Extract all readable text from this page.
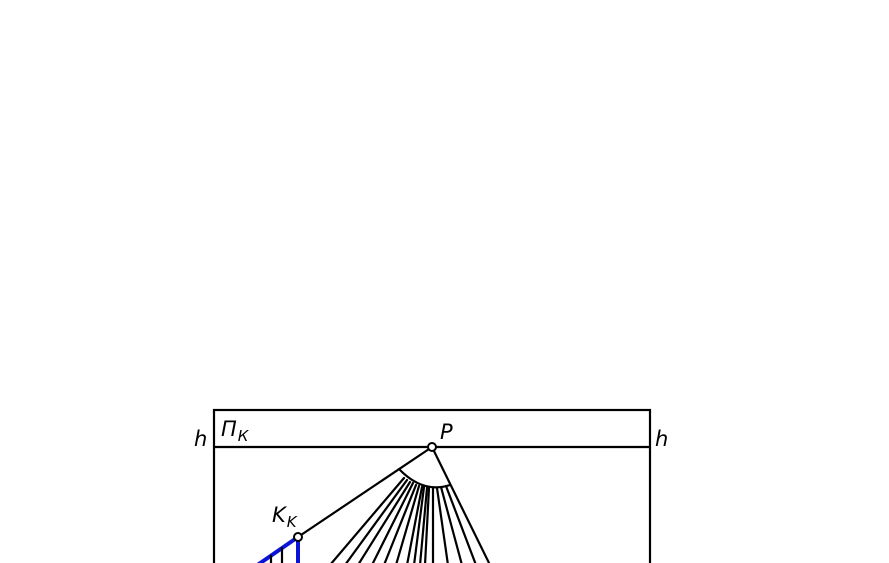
ПК
h	h
P
KK
